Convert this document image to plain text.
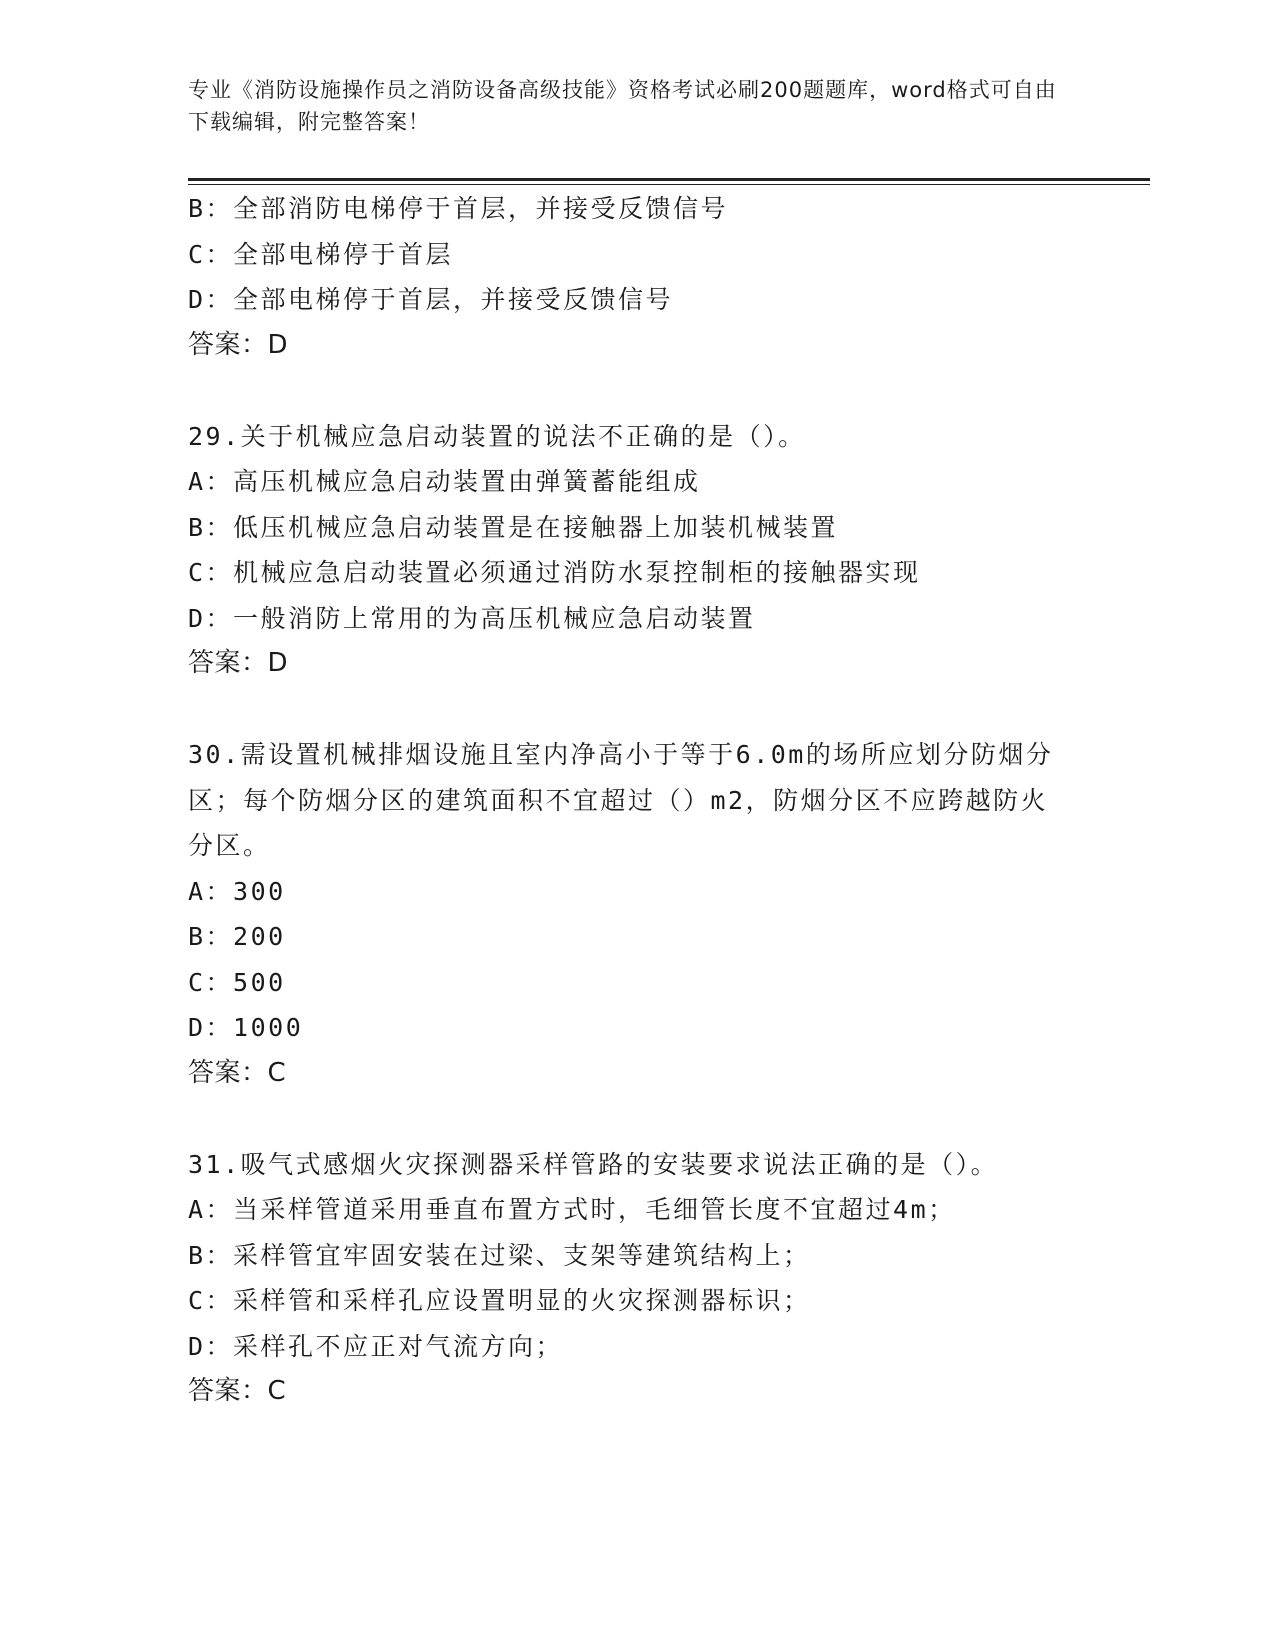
专业《消防设施操作员之消防设备高级技能》资格考试必刷200题题库，word格式可自由下载编辑，附完整答案！
B：全部消防电梯停于首层，并接受反馈信号
C：全部电梯停于首层
D：全部电梯停于首层，并接受反馈信号
答案：D
29.关于机械应急启动装置的说法不正确的是（）。
A：高压机械应急启动装置由弹簧蓄能组成
B：低压机械应急启动装置是在接触器上加装机械装置
C：机械应急启动装置必须通过消防水泵控制柜的接触器实现
D：一般消防上常用的为高压机械应急启动装置
答案：D
30.需设置机械排烟设施且室内净高小于等于6.0m的场所应划分防烟分区；每个防烟分区的建筑面积不宜超过（）m2，防烟分区不应跨越防火分区。
A：300
B：200
C：500
D：1000
答案：C
31.吸气式感烟火灾探测器采样管路的安装要求说法正确的是（）。
A：当采样管道采用垂直布置方式时，毛细管长度不宜超过4m；
B：采样管宜牢固安装在过梁、支架等建筑结构上；
C：采样管和采样孔应设置明显的火灾探测器标识；
D：采样孔不应正对气流方向；
答案：C
